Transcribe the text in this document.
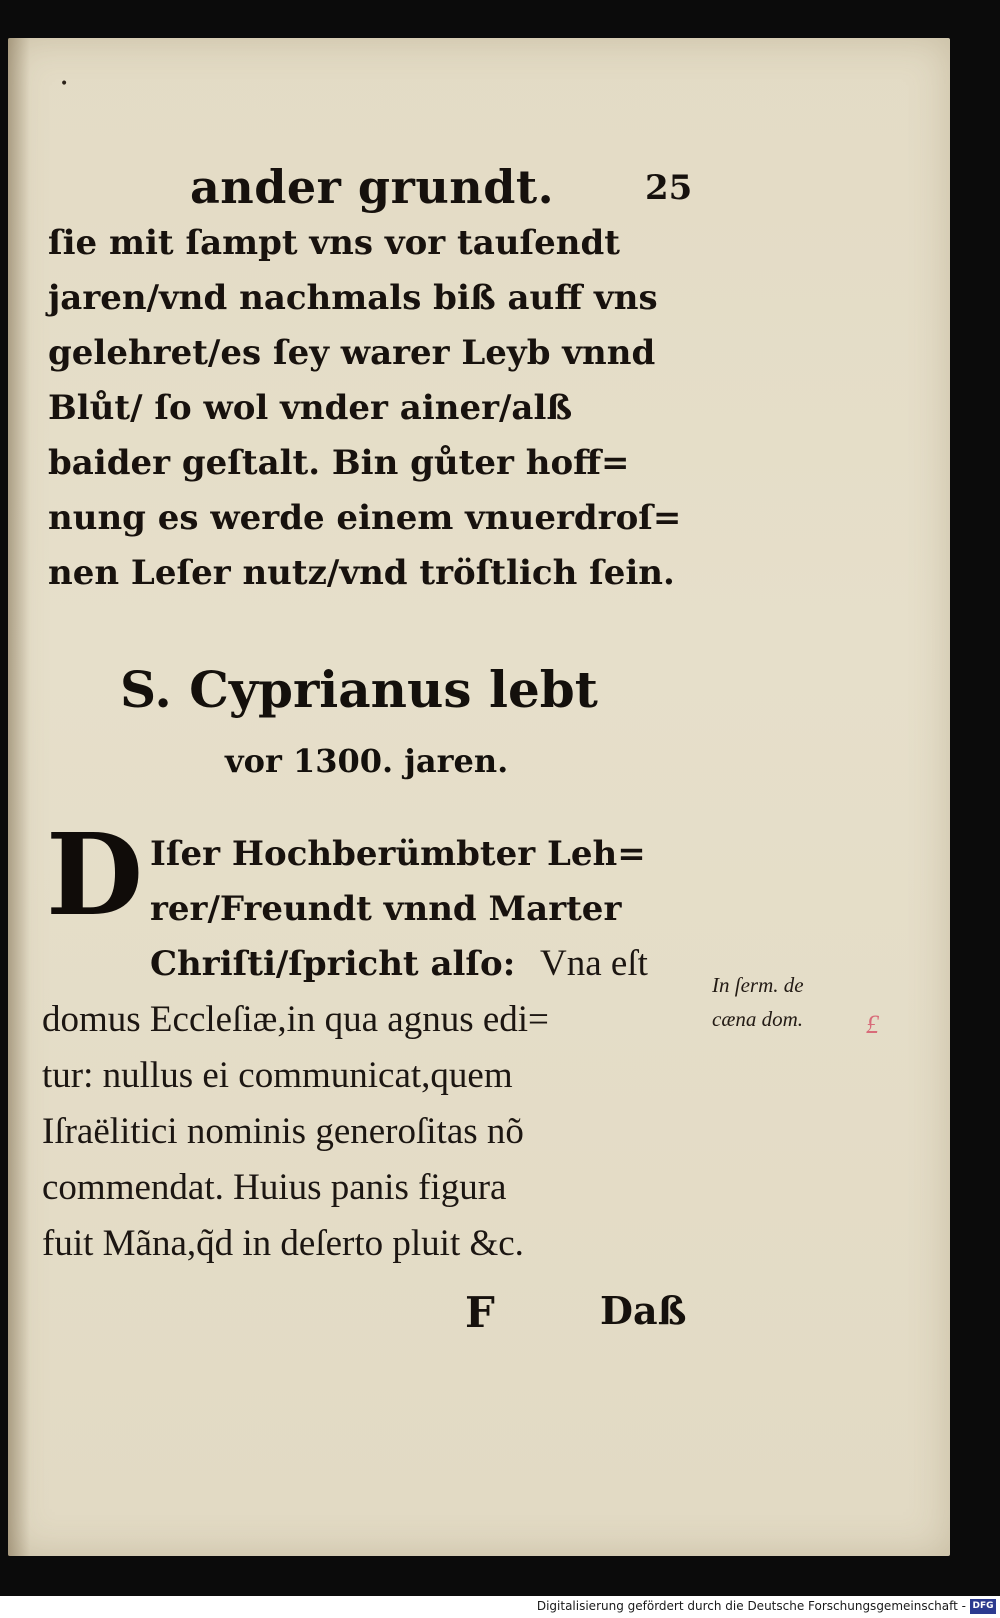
•
ander grundt.	25

ſie mit ſampt vns vor tauſendt
jaren/vnd nachmals biß auff vns
gelehret/es ſey warer Leyb vnnd
Blůt/ ſo wol vnder ainer/alß
baider geſtalt. Bin gůter hoff=
nung es werde einem vnuerdroſ=
nen Leſer nutz/vnd tröſtlich ſein.

S. Cyprianus lebt
vor 1300. jaren.
D Iſer Hochberümbter Leh=
rer/Freundt vnnd Marter
Chriſti/ſpricht alſo: Vna eſt
domus Eccleſiæ,in qua agnus edi=
tur: nullus ei communicat,quem
Iſraëlitici nominis generoſitas nõ
commendat. Huius panis figura
fuit Mãna,q̃d in deſerto pluit &c.
In ſerm. de
cæna dom. £
F	Daß
Digitalisierung gefördert durch die Deutsche Forschungsgemeinschaft - DFG
